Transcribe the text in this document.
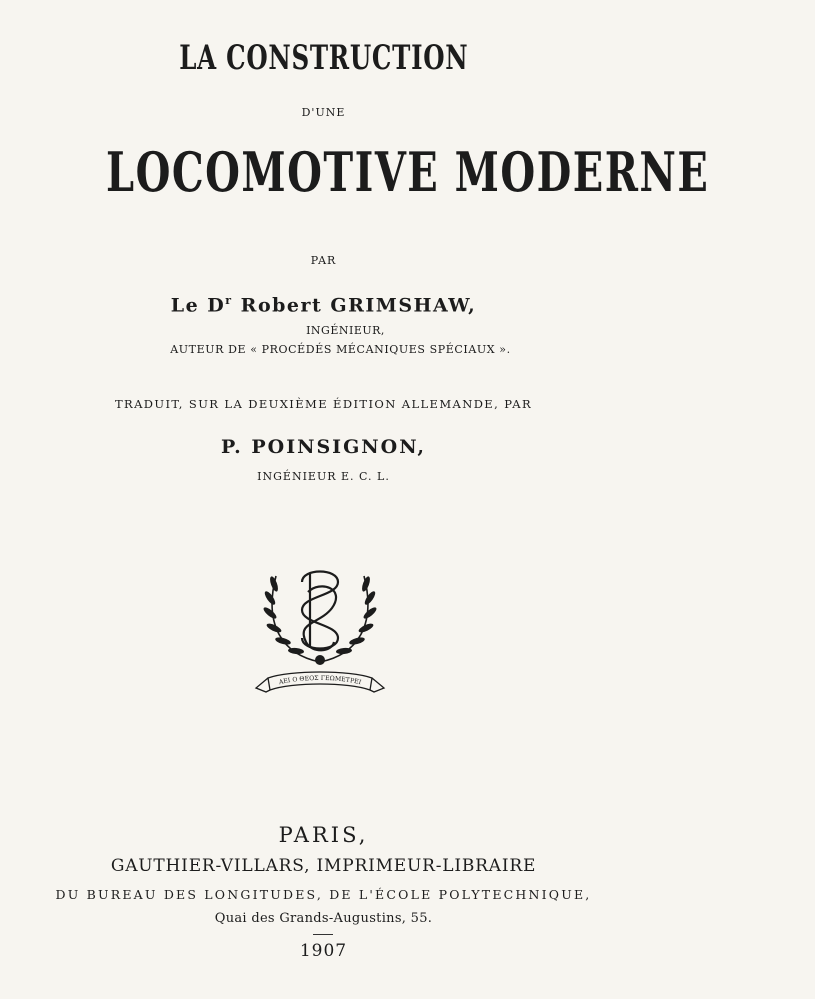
LA CONSTRUCTION
D'UNE
LOCOMOTIVE MODERNE
PAR
Le $D^r$ Robert GRIMSHAW,
INGÉNIEUR,
AUTEUR DE « PROCÉDÉS MÉCANIQUES SPÉCIAUX ».
TRADUIT, SUR LA DEUXIÈME ÉDITION ALLEMANDE, PAR
P. POINSIGNON,
INGÉNIEUR E. C. L.
ΑΕΙ Ο ΘΕΟΣ ΓΕΩΜΕΤΡΕΙ
PARIS,
GAUTHIER-VILLARS, IMPRIMEUR-LIBRAIRE
DU BUREAU DES LONGITUDES, DE L'ÉCOLE POLYTECHNIQUE,
Quai des Grands-Augustins, 55.
1907
